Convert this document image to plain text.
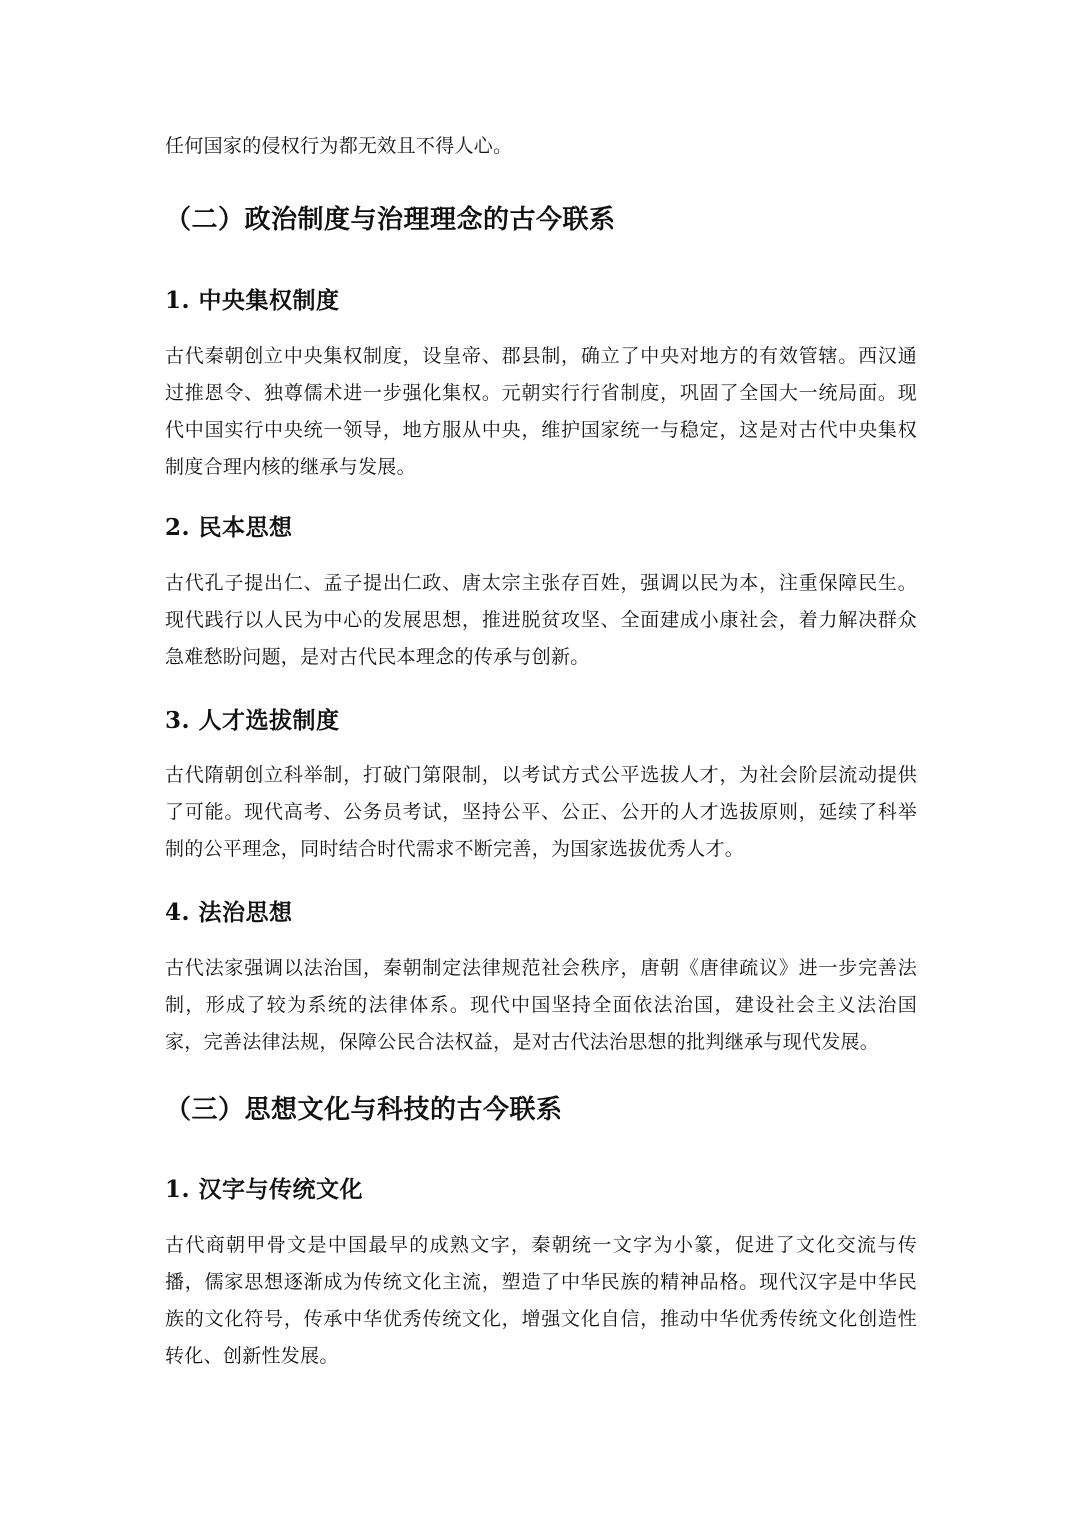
任何国家的侵权行为都无效且不得人心。

（二）政治制度与治理理念的古今联系
1. 中央集权制度

古代秦朝创立中央集权制度，设皇帝、郡县制，确立了中央对地方的有效管辖。西汉通过推恩令、独尊儒术进一步强化集权。元朝实行行省制度，巩固了全国大一统局面。现代中国实行中央统一领导，地方服从中央，维护国家统一与稳定，这是对古代中央集权制度合理内核的继承与发展。

2. 民本思想

古代孔子提出仁、孟子提出仁政、唐太宗主张存百姓，强调以民为本，注重保障民生。现代践行以人民为中心的发展思想，推进脱贫攻坚、全面建成小康社会，着力解决群众急难愁盼问题，是对古代民本理念的传承与创新。

3. 人才选拔制度

古代隋朝创立科举制，打破门第限制，以考试方式公平选拔人才，为社会阶层流动提供了可能。现代高考、公务员考试，坚持公平、公正、公开的人才选拔原则，延续了科举制的公平理念，同时结合时代需求不断完善，为国家选拔优秀人才。

4. 法治思想

古代法家强调以法治国，秦朝制定法律规范社会秩序，唐朝《唐律疏议》进一步完善法制，形成了较为系统的法律体系。现代中国坚持全面依法治国，建设社会主义法治国家，完善法律法规，保障公民合法权益，是对古代法治思想的批判继承与现代发展。

（三）思想文化与科技的古今联系
1. 汉字与传统文化

古代商朝甲骨文是中国最早的成熟文字，秦朝统一文字为小篆，促进了文化交流与传播，儒家思想逐渐成为传统文化主流，塑造了中华民族的精神品格。现代汉字是中华民族的文化符号，传承中华优秀传统文化，增强文化自信，推动中华优秀传统文化创造性转化、创新性发展。
